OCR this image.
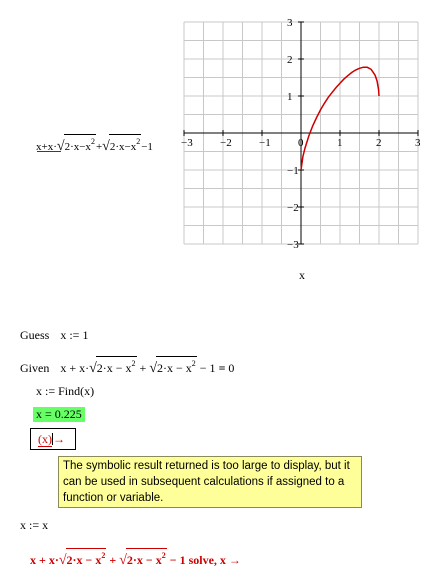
−3 −2 −1 0	1	2	3
3
2
1
−1
−2
−3
$x+x\cdot√2\cdot x-x^2+√2\cdot x-x^2-1$
x
Guess x := 1
Given $x + x\cdot√2\cdot x - x^2 + √2\cdot x - x^2 - 1 = 0$
x := Find(x)
x = 0.225
(x)→
The symbolic result returned is too large to display, but it can be used in subsequent calculations if assigned to a function or variable.
x := x
$x + x\cdot√2\cdot x - x^2 + √2\cdot x - x^2 - 1$ solve, x →
